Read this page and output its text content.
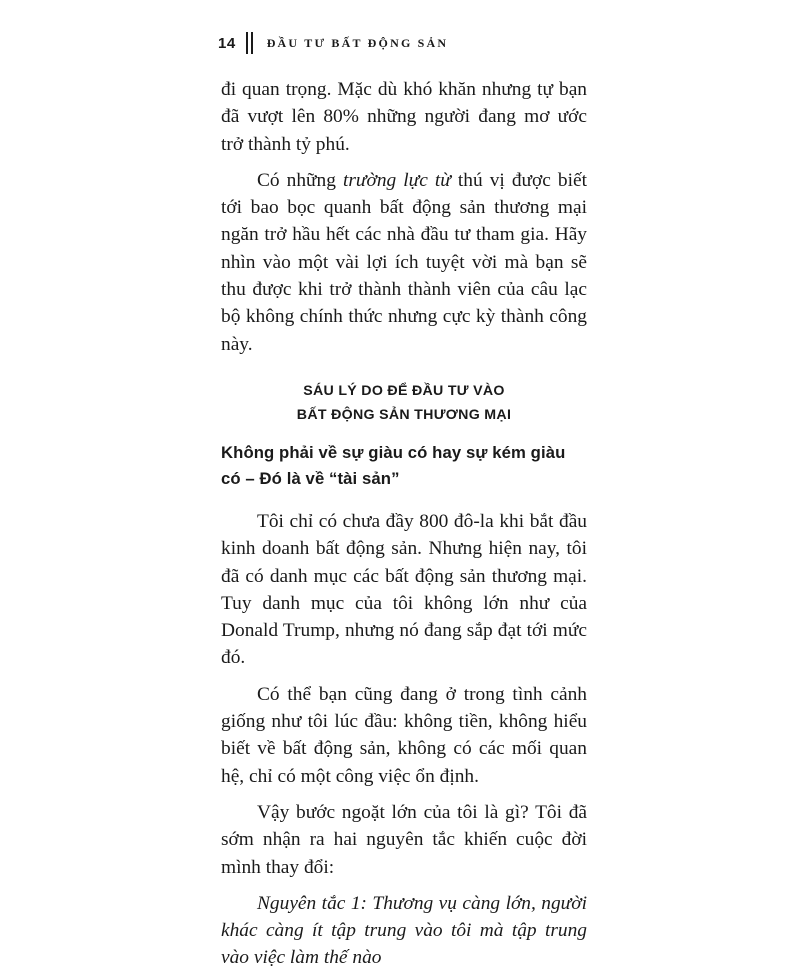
14	ĐẦU TƯ BẤT ĐỘNG SẢN

đi quan trọng. Mặc dù khó khăn nhưng tự bạn đã vượt lên 80% những người đang mơ ước trở thành tỷ phú.

Có những trường lực từ thú vị được biết tới bao bọc quanh bất động sản thương mại ngăn trở hầu hết các nhà đầu tư tham gia. Hãy nhìn vào một vài lợi ích tuyệt vời mà bạn sẽ thu được khi trở thành thành viên của câu lạc bộ không chính thức nhưng cực kỳ thành công này.

SÁU LÝ DO ĐỂ ĐẦU TƯ VÀO
BẤT ĐỘNG SẢN THƯƠNG MẠI
Không phải về sự giàu có hay sự kém giàu có – Đó là về “tài sản”

Tôi chỉ có chưa đầy 800 đô-la khi bắt đầu kinh doanh bất động sản. Nhưng hiện nay, tôi đã có danh mục các bất động sản thương mại. Tuy danh mục của tôi không lớn như của Donald Trump, nhưng nó đang sắp đạt tới mức đó.

Có thể bạn cũng đang ở trong tình cảnh giống như tôi lúc đầu: không tiền, không hiểu biết về bất động sản, không có các mối quan hệ, chỉ có một công việc ổn định.

Vậy bước ngoặt lớn của tôi là gì? Tôi đã sớm nhận ra hai nguyên tắc khiến cuộc đời mình thay đổi:

Nguyên tắc 1: Thương vụ càng lớn, người khác càng ít tập trung vào tôi mà tập trung vào việc làm thế nào
